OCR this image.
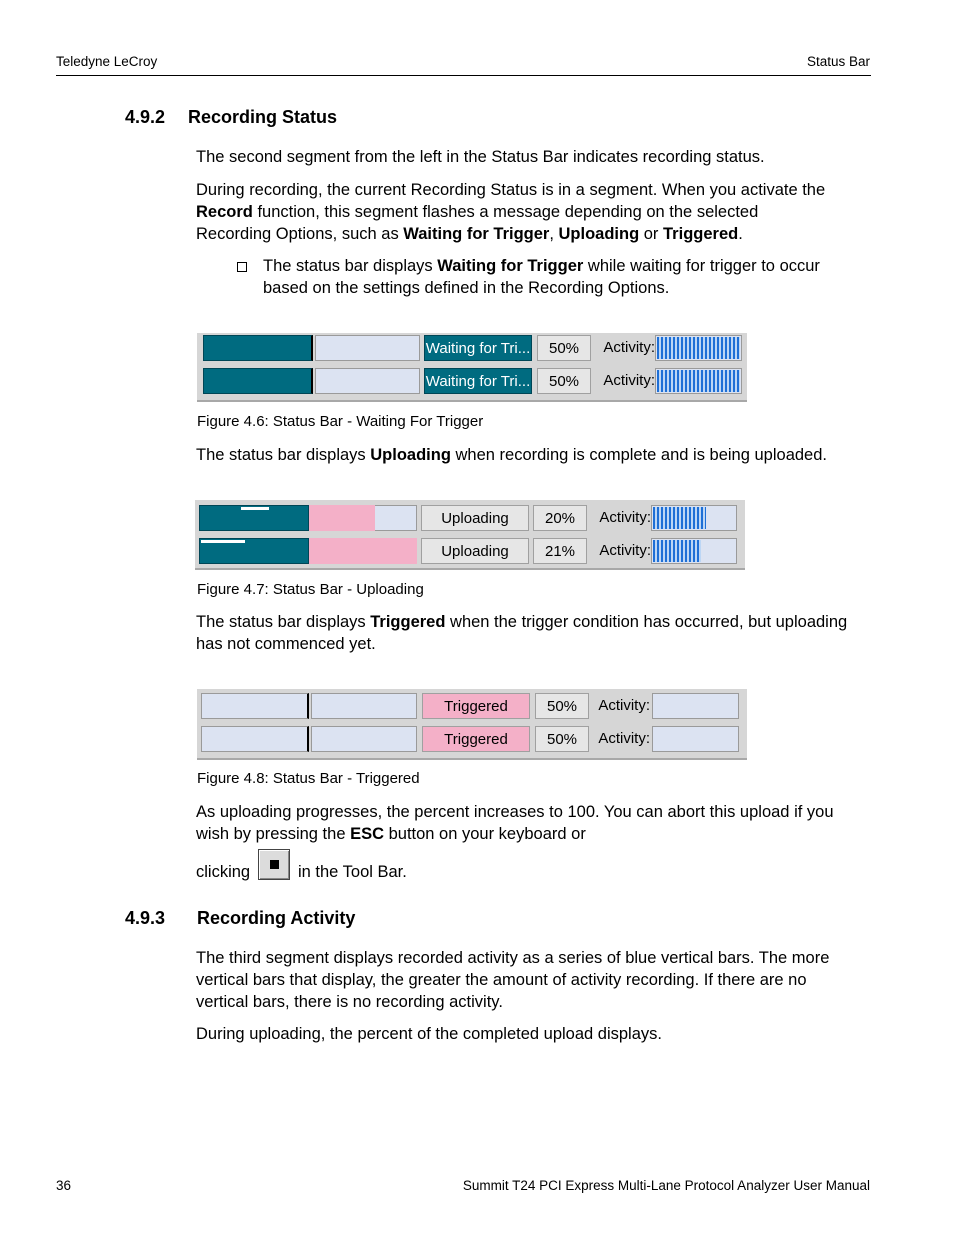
Teledyne LeCroy	Status Bar
4.9.2 Recording Status
The second segment from the left in the Status Bar indicates recording status.
During recording, the current Recording Status is in a segment. When you activate the
Record function, this segment flashes a message depending on the selected
Recording Options, such as Waiting for Trigger, Uploading or Triggered.
The status bar displays Waiting for Trigger while waiting for trigger to occur
based on the settings defined in the Recording Options.
Waiting for Tri...	50%	Activity:
Waiting for Tri...	50%	Activity:
Figure 4.6: Status Bar - Waiting For Trigger
The status bar displays Uploading when recording is complete and is being uploaded.
Uploading	20%	Activity:
Uploading	21%	Activity:
Figure 4.7: Status Bar - Uploading
The status bar displays Triggered when the trigger condition has occurred, but uploading
has not commenced yet.
Triggered	50%	Activity:
Triggered	50%	Activity:
Figure 4.8: Status Bar - Triggered
As uploading progresses, the percent increases to 100. You can abort this upload if you
wish by pressing the ESC button on your keyboard or
clicking	in the Tool Bar.
4.9.3 Recording Activity
The third segment displays recorded activity as a series of blue vertical bars. The more
vertical bars that display, the greater the amount of activity recording. If there are no
vertical bars, there is no recording activity.
During uploading, the percent of the completed upload displays.
36	Summit T24 PCI Express Multi-Lane Protocol Analyzer User Manual
